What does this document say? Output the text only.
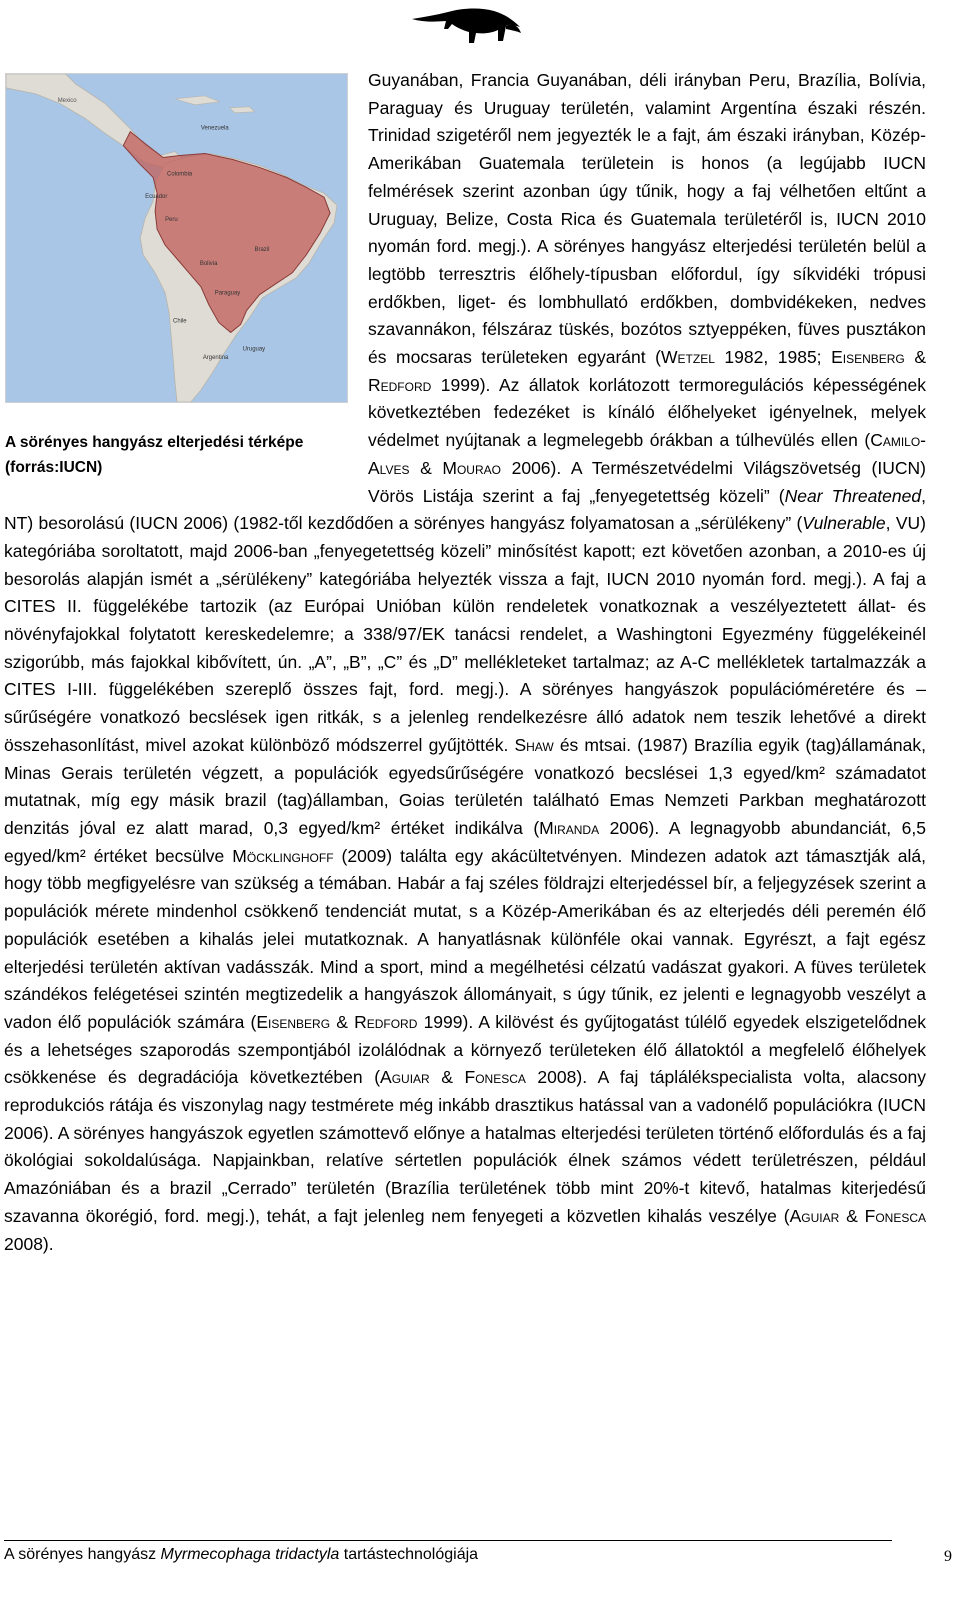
Mexico
Venezuela
Colombia
Ecuador
Peru
Brazil
Bolivia
Chile
Paraguay
Argentina
Uruguay
A sörényes hangyász elterjedési térképe
(forrás:IUCN)

Guyanában, Francia Guyanában, déli irányban Peru, Brazília, Bolívia, Paraguay és Uruguay területén, valamint Argentína északi részén. Trinidad szigetéről nem jegyezték le a fajt, ám északi irányban, Közép-Amerikában Guatemala területein is honos (a legújabb IUCN felmérések szerint azonban úgy tűnik, hogy a faj vélhetően eltűnt a Uruguay, Belize, Costa Rica és Guatemala területéről is, IUCN 2010 nyomán ford. megj.). A sörényes hangyász elterjedési területén belül a legtöbb terresztris élőhely-típusban előfordul, így síkvidéki trópusi erdőkben, liget- és lombhullató erdőkben, dombvidékeken, nedves szavannákon, félszáraz tüskés, bozótos sztyeppéken, füves pusztákon és mocsaras területeken egyaránt (Wetzel 1982, 1985; Eisenberg & Redford 1999). Az állatok korlátozott termoregulációs képességének következtében fedezéket is kínáló élőhelyeket igényelnek, melyek védelmet nyújtanak a legmelegebb órákban a túlhevülés ellen (Camilo-Alves & Mourao 2006). A Természetvédelmi Világszövetség (IUCN) Vörös Listája szerint a faj „fenyegetettség közeli” (Near Threatened, NT) besorolású (IUCN 2006) (1982-től kezdődően a sörényes hangyász folyamatosan a „sérülékeny” (Vulnerable, VU) kategóriába soroltatott, majd 2006-ban „fenyegetettség közeli” minősítést kapott; ezt követően azonban, a 2010-es új besorolás alapján ismét a „sérülékeny” kategóriába helyezték vissza a fajt, IUCN 2010 nyomán ford. megj.). A faj a CITES II. függelékébe tartozik (az Európai Unióban külön rendeletek vonatkoznak a veszélyeztetett állat- és növényfajokkal folytatott kereskedelemre; a 338/97/EK tanácsi rendelet, a Washingtoni Egyezmény függelékeinél szigorúbb, más fajokkal kibővített, ún. „A”, „B”, „C” és „D” mellékleteket tartalmaz; az A-C mellékletek tartalmazzák a CITES I-III. függelékében szereplő összes fajt, ford. megj.). A sörényes hangyászok populációméretére és –sűrűségére vonatkozó becslések igen ritkák, s a jelenleg rendelkezésre álló adatok nem teszik lehetővé a direkt összehasonlítást, mivel azokat különböző módszerrel gyűjtötték. Shaw és mtsai. (1987) Brazília egyik (tag)államának, Minas Gerais területén végzett, a populációk egyedsűrűségére vonatkozó becslései 1,3 egyed/km² számadatot mutatnak, míg egy másik brazil (tag)államban, Goias területén található Emas Nemzeti Parkban meghatározott denzitás jóval ez alatt marad, 0,3 egyed/km² értéket indikálva (Miranda 2006). A legnagyobb abundanciát, 6,5 egyed/km² értéket becsülve Möcklinghoff (2009) találta egy akácültetvényen. Mindezen adatok azt támasztják alá, hogy több megfigyelésre van szükség a témában. Habár a faj széles földrajzi elterjedéssel bír, a feljegyzések szerint a populációk mérete mindenhol csökkenő tendenciát mutat, s a Közép-Amerikában és az elterjedés déli peremén élő populációk esetében a kihalás jelei mutatkoznak. A hanyatlásnak különféle okai vannak. Egyrészt, a fajt egész elterjedési területén aktívan vadásszák. Mind a sport, mind a megélhetési célzatú vadászat gyakori. A füves területek szándékos felégetései szintén megtizedelik a hangyászok állományait, s úgy tűnik, ez jelenti e legnagyobb veszélyt a vadon élő populációk számára (Eisenberg & Redford 1999). A kilövést és gyűjtogatást túlélő egyedek elszigetelődnek és a lehetséges szaporodás szempontjából izolálódnak a környező területeken élő állatoktól a megfelelő élőhelyek csökkenése és degradációja következtében (Aguiar & Fonesca 2008). A faj táplálékspecialista volta, alacsony reprodukciós rátája és viszonylag nagy testmérete még inkább drasztikus hatással van a vadonélő populációkra (IUCN 2006). A sörényes hangyászok egyetlen számottevő előnye a hatalmas elterjedési területen történő előfordulás és a faj ökológiai sokoldalúsága. Napjainkban, relatíve sértetlen populációk élnek számos védett területrészen, például Amazóniában és a brazil „Cerrado” területén (Brazília területének több mint 20%-t kitevő, hatalmas kiterjedésű szavanna ökorégió, ford. megj.), tehát, a fajt jelenleg nem fenyegeti a közvetlen kihalás veszélye (Aguiar & Fonesca 2008).

A sörényes hangyász Myrmecophaga tridactyla tartástechnológiája	9
